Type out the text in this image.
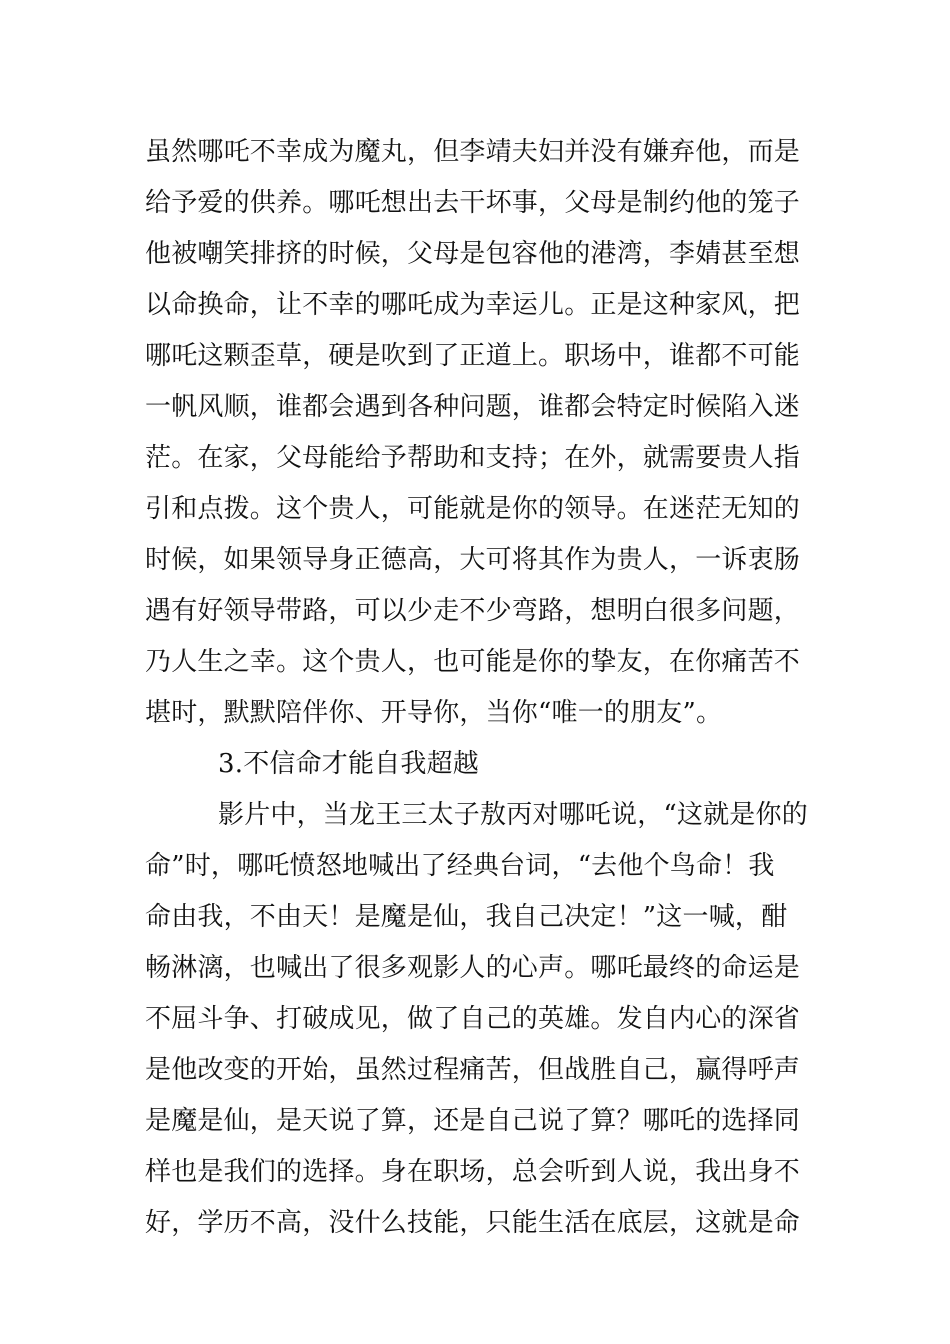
虽然哪吒不幸成为魔丸，但李靖夫妇并没有嫌弃他，而是
给予爱的供养。哪吒想出去干坏事，父母是制约他的笼子
他被嘲笑排挤的时候，父母是包容他的港湾，李婧甚至想
以命换命，让不幸的哪吒成为幸运儿。正是这种家风，把
哪吒这颗歪草，硬是吹到了正道上。职场中，谁都不可能
一帆风顺，谁都会遇到各种问题，谁都会特定时候陷入迷
茫。在家，父母能给予帮助和支持；在外，就需要贵人指
引和点拨。这个贵人，可能就是你的领导。在迷茫无知的
时候，如果领导身正德高，大可将其作为贵人，一诉衷肠
遇有好领导带路，可以少走不少弯路，想明白很多问题，
乃人生之幸。这个贵人，也可能是你的挚友，在你痛苦不
堪时，默默陪伴你、开导你，当你“唯一的朋友”。
3.不信命才能自我超越
影片中，当龙王三太子敖丙对哪吒说，“这就是你的
命”时，哪吒愤怒地喊出了经典台词，“去他个鸟命！我
命由我，不由天！是魔是仙，我自己决定！”这一喊，酣
畅淋漓，也喊出了很多观影人的心声。哪吒最终的命运是
不屈斗争、打破成见，做了自己的英雄。发自内心的深省
是他改变的开始，虽然过程痛苦，但战胜自己，赢得呼声
是魔是仙，是天说了算，还是自己说了算？哪吒的选择同
样也是我们的选择。身在职场，总会听到人说，我出身不
好，学历不高，没什么技能，只能生活在底层，这就是命
